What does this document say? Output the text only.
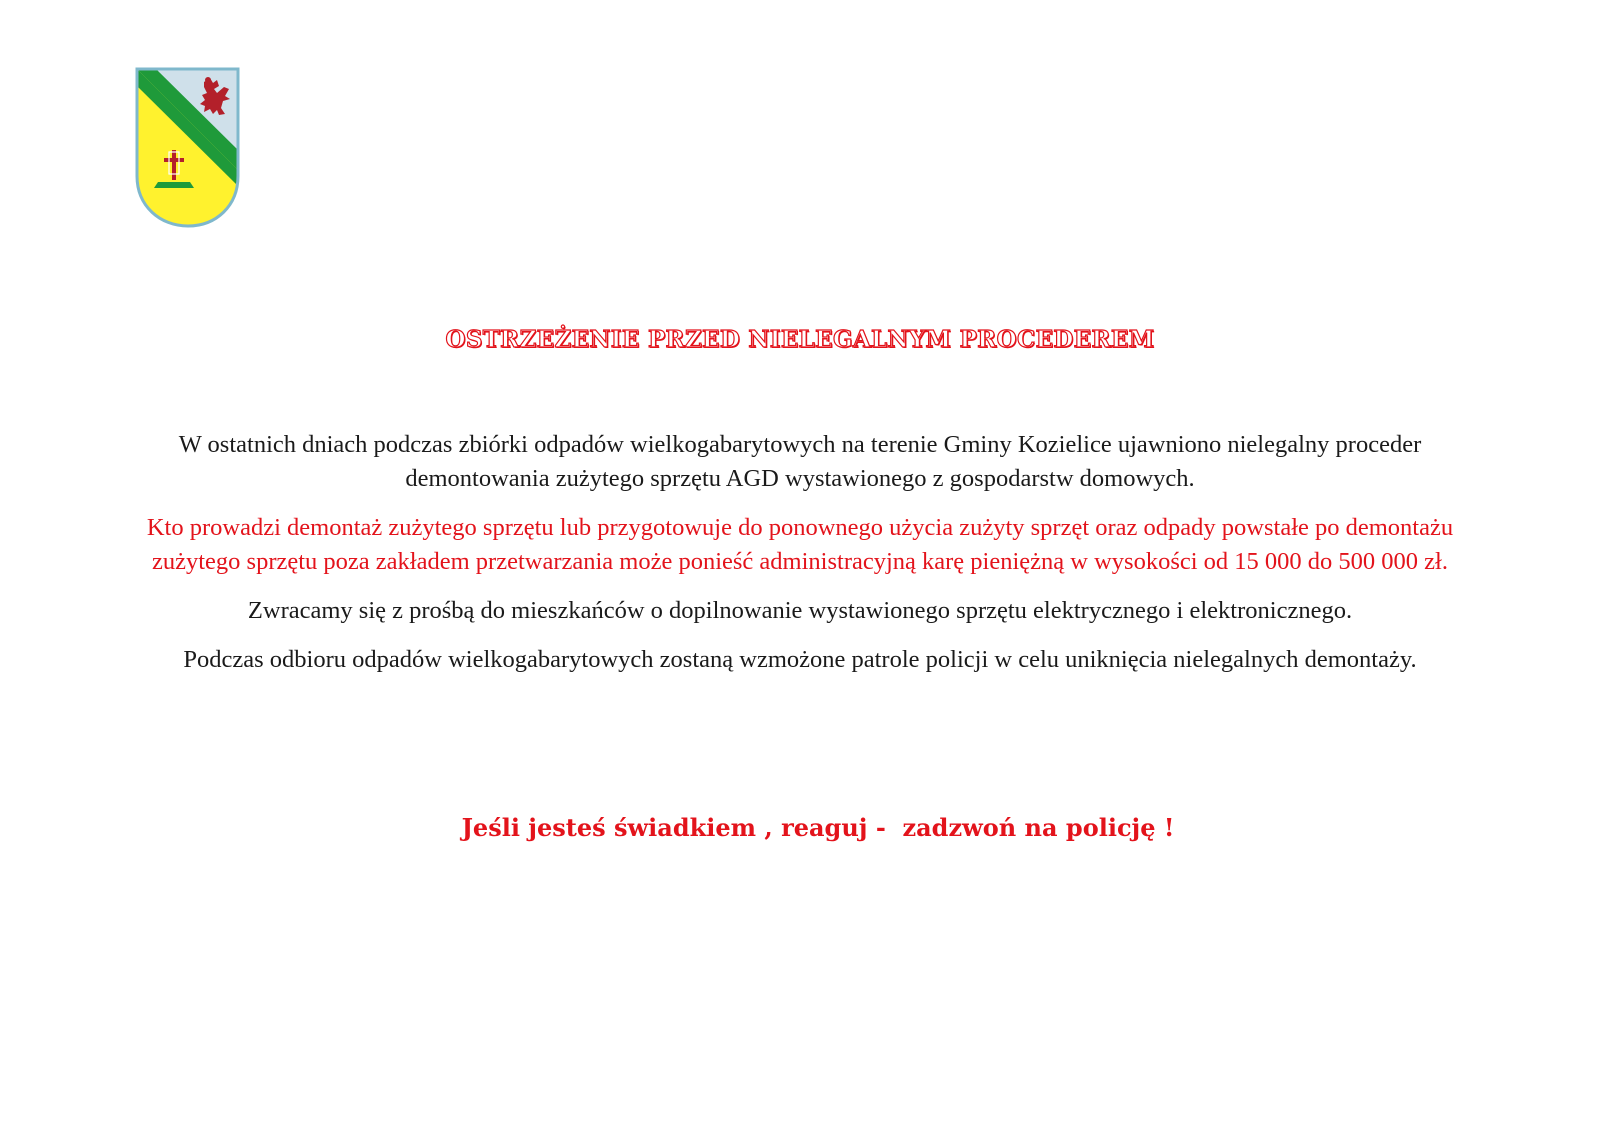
OSTRZEŻENIE PRZED NIELEGALNYM PROCEDEREM

W ostatnich dniach podczas zbiórki odpadów wielkogabarytowych na terenie Gminy Kozielice ujawniono nielegalny proceder demontowania zużytego sprzętu AGD wystawionego z gospodarstw domowych.

Kto prowadzi demontaż zużytego sprzętu lub przygotowuje do ponownego użycia zużyty sprzęt oraz odpady powstałe po demontażu zużytego sprzętu poza zakładem przetwarzania może ponieść administracyjną karę pieniężną w wysokości od 15 000 do 500 000 zł.

Zwracamy się z prośbą do mieszkańców o dopilnowanie wystawionego sprzętu elektrycznego i elektronicznego.

Podczas odbioru odpadów wielkogabarytowych zostaną wzmożone patrole policji w celu uniknięcia nielegalnych demontaży.

Jeśli jesteś świadkiem , reaguj -  zadzwoń na policję !
